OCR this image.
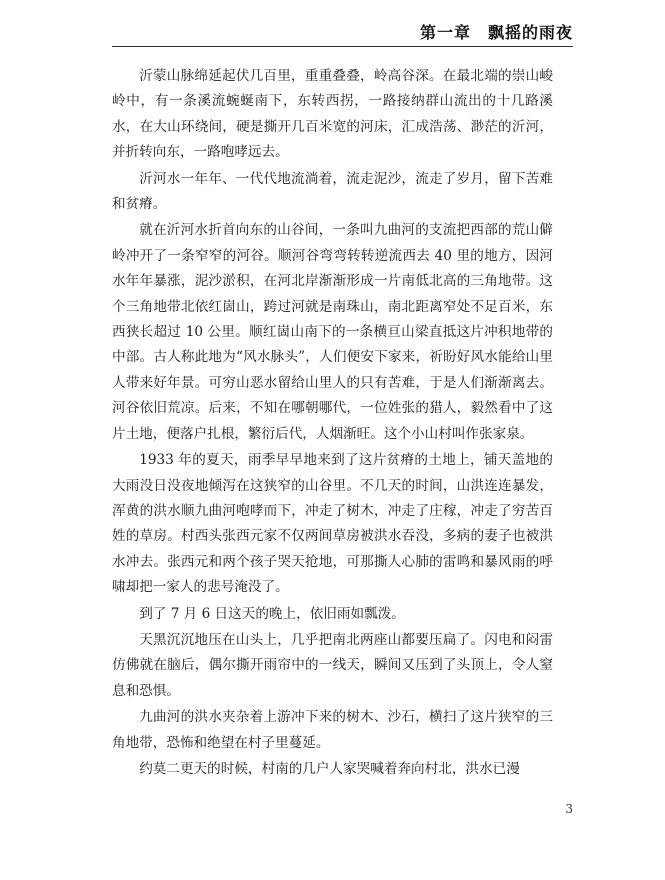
第一章　飘摇的雨夜

沂蒙山脉绵延起伏几百里，重重叠叠，岭高谷深。在最北端的崇山峻岭中，有一条溪流蜿蜒南下，东转西拐，一路接纳群山流出的十几路溪水，在大山环绕间，硬是撕开几百米宽的河床，汇成浩荡、渺茫的沂河，并折转向东，一路咆哮远去。

沂河水一年年、一代代地流淌着，流走泥沙，流走了岁月，留下苦难和贫瘠。

就在沂河水折首向东的山谷间，一条叫九曲河的支流把西部的荒山僻岭冲开了一条窄窄的河谷。顺河谷弯弯转转逆流西去 40 里的地方，因河水年年暴涨，泥沙淤积，在河北岸渐渐形成一片南低北高的三角地带。这个三角地带北依红崮山，跨过河就是南珠山，南北距离窄处不足百米，东西狭长超过 10 公里。顺红崮山南下的一条横亘山梁直抵这片冲积地带的中部。古人称此地为“风水脉头”，人们便安下家来，祈盼好风水能给山里人带来好年景。可穷山恶水留给山里人的只有苦难，于是人们渐渐离去。河谷依旧荒凉。后来，不知在哪朝哪代，一位姓张的猎人，毅然看中了这片土地，便落户扎根，繁衍后代，人烟渐旺。这个小山村叫作张家泉。

1933 年的夏天，雨季早早地来到了这片贫瘠的土地上，铺天盖地的大雨没日没夜地倾泻在这狭窄的山谷里。不几天的时间，山洪连连暴发，浑黄的洪水顺九曲河咆哮而下，冲走了树木，冲走了庄稼，冲走了穷苦百姓的草房。村西头张西元家不仅两间草房被洪水吞没，多病的妻子也被洪水冲去。张西元和两个孩子哭天抢地，可那撕人心肺的雷鸣和暴风雨的呼啸却把一家人的悲号淹没了。

到了 7 月 6 日这天的晚上，依旧雨如瓢泼。

天黑沉沉地压在山头上，几乎把南北两座山都要压扁了。闪电和闷雷仿佛就在脑后，偶尔撕开雨帘中的一线天，瞬间又压到了头顶上，令人窒息和恐惧。

九曲河的洪水夹杂着上游冲下来的树木、沙石，横扫了这片狭窄的三角地带，恐怖和绝望在村子里蔓延。

约莫二更天的时候，村南的几户人家哭喊着奔向村北，洪水已漫

3
